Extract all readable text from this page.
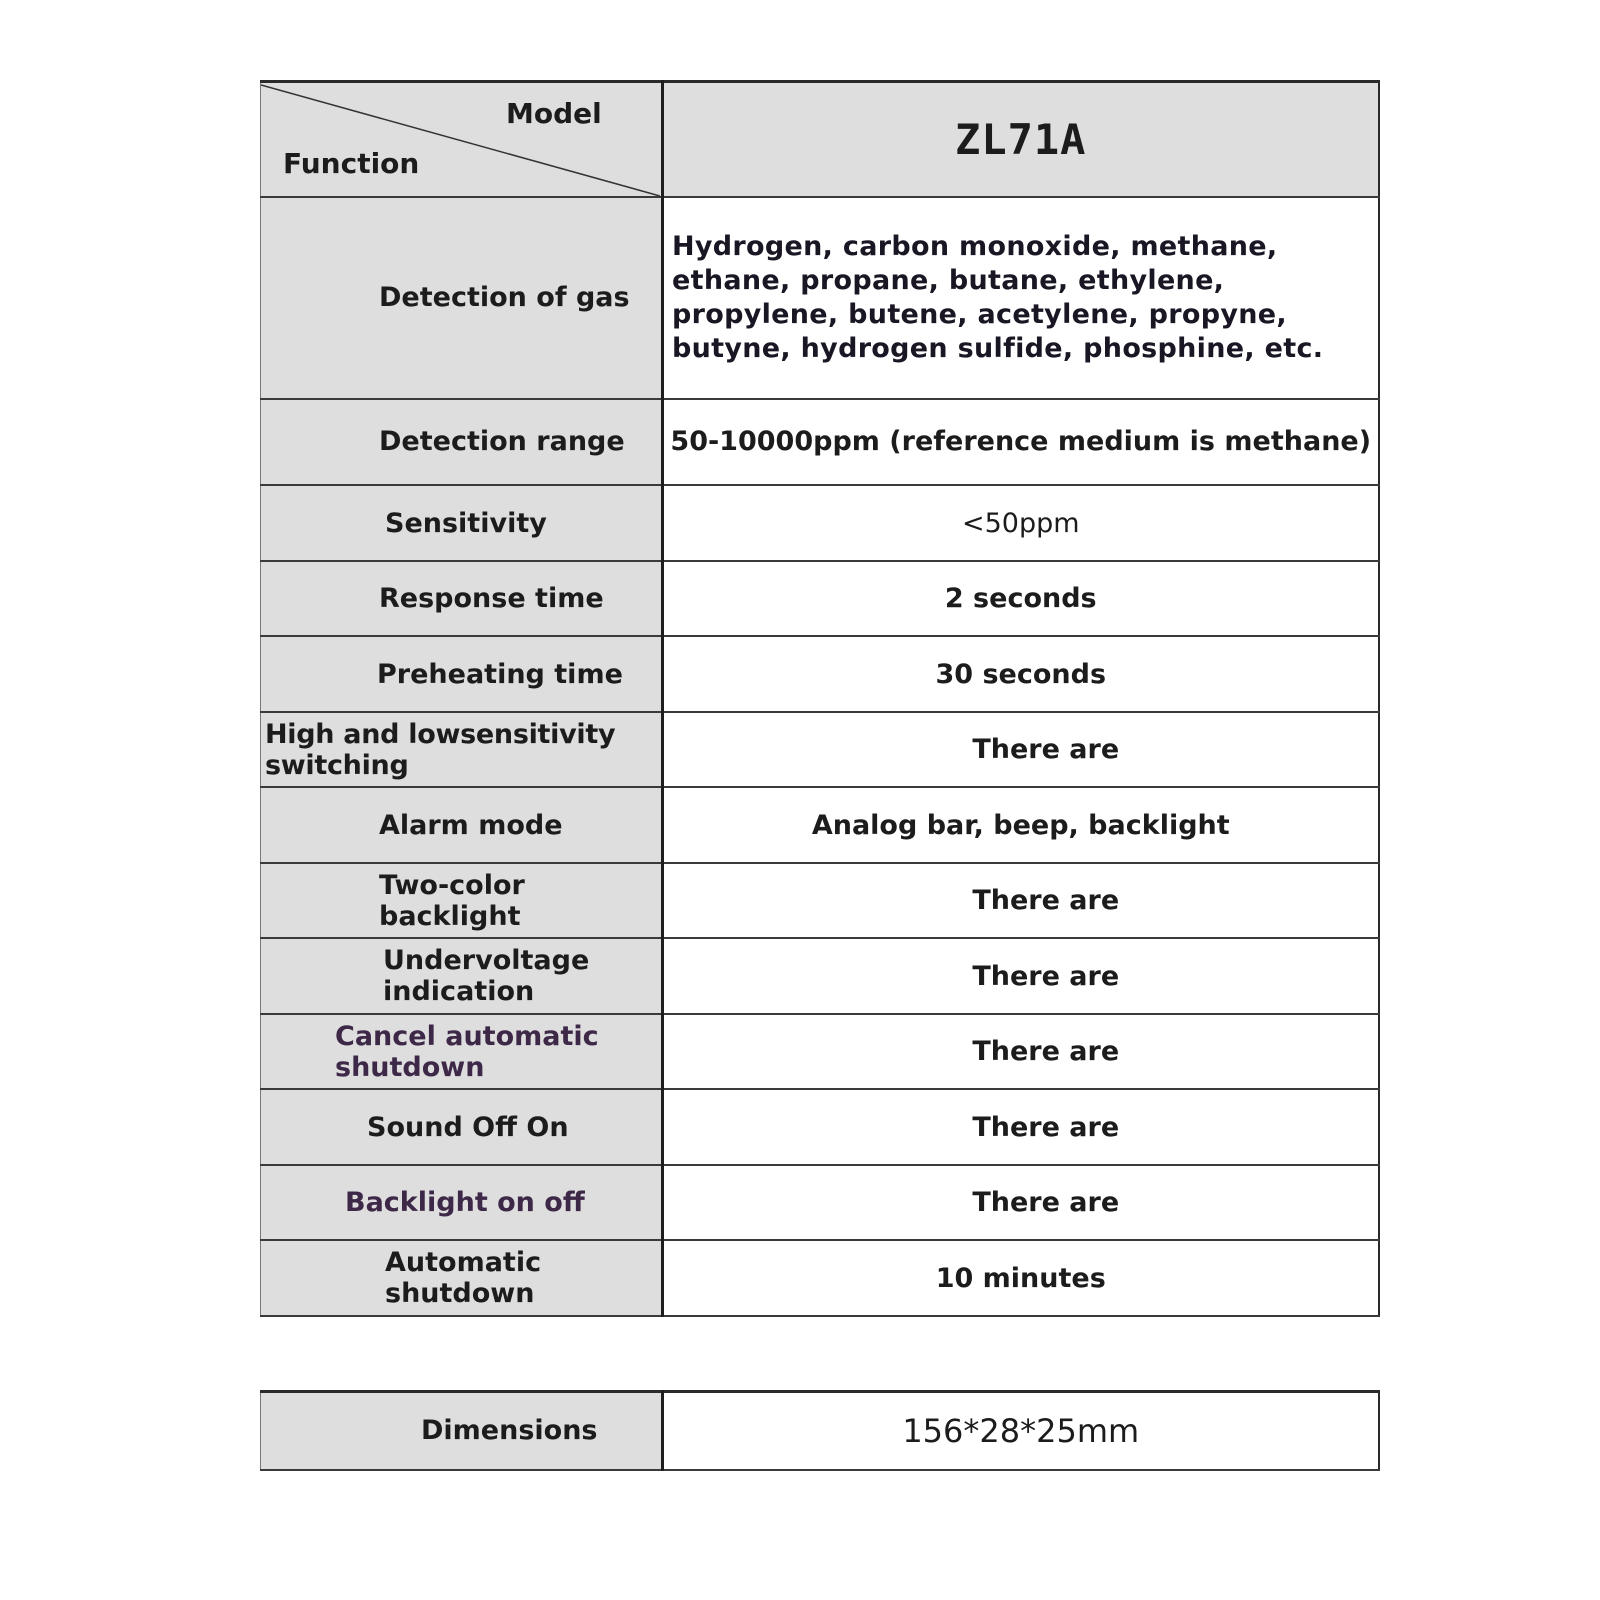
Model
Function	ZL71A
Detection of gas	Hydrogen, carbon monoxide, methane, ethane, propane, butane, ethylene, propylene, butene, acetylene, propyne, butyne, hydrogen sulfide, phosphine, etc.
Detection range	50-10000ppm (reference medium is methane)
Sensitivity	<50ppm
Response time	2 seconds
Preheating time	30 seconds
High and lowsensitivity switching	There are
Alarm mode	Analog bar, beep, backlight
Two-color backlight	There are
Undervoltage indication	There are
Cancel automatic shutdown	There are
Sound Off On	There are
Backlight on off	There are
Automatic shutdown	10 minutes
Dimensions	156*28*25mm
